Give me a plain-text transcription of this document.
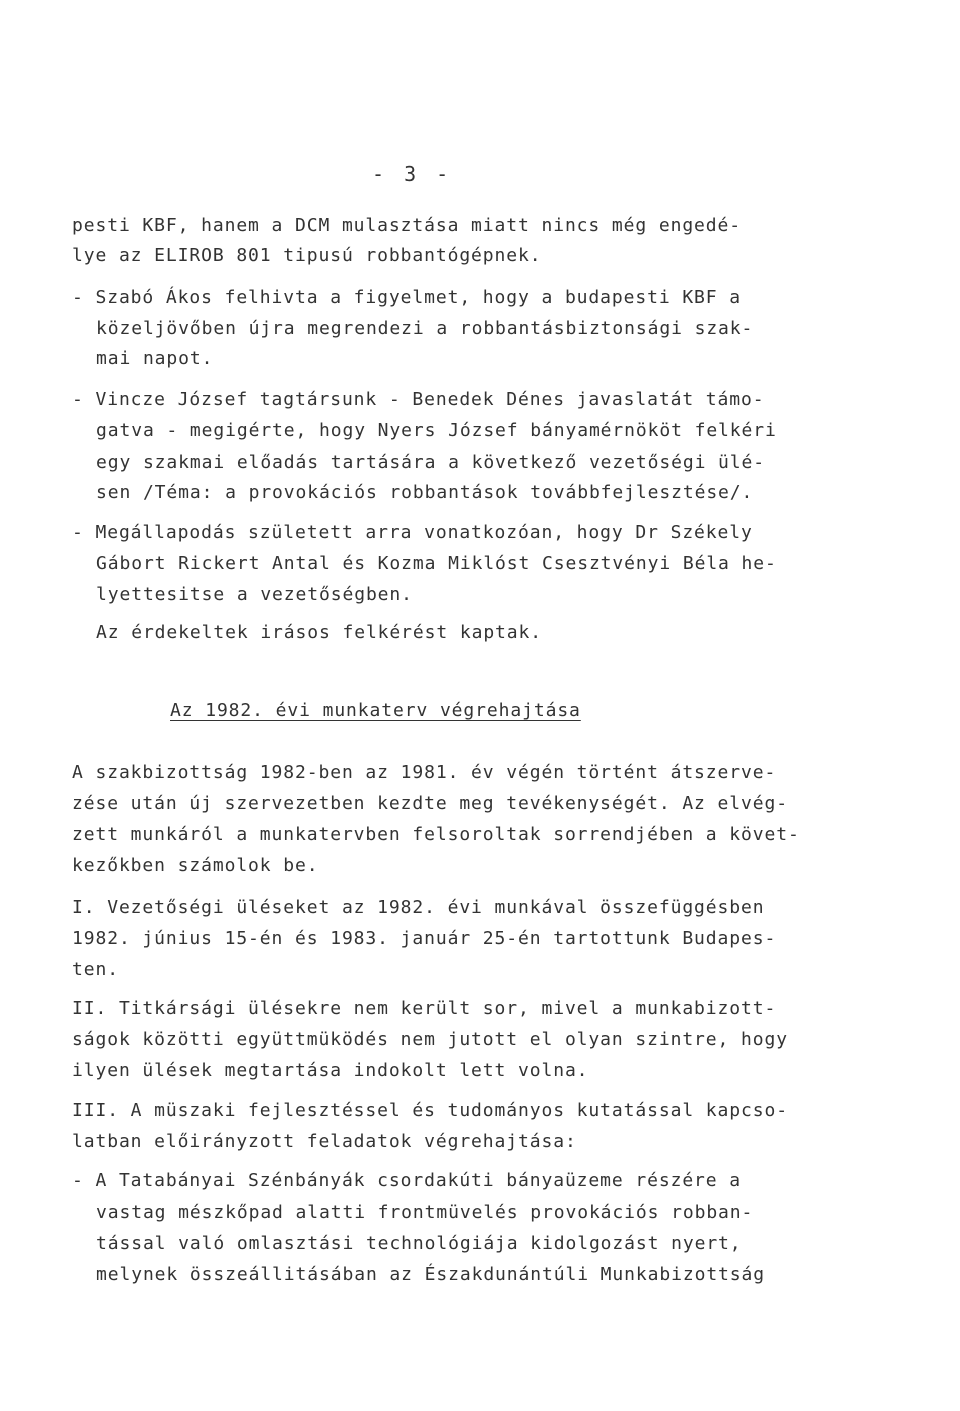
- 3 -
pesti KBF, hanem a DCM mulasztása miatt nincs még engedé-
lye az ELIROB 801 tipusú robbantógépnek.
- Szabó Ákos felhivta a figyelmet, hogy a budapesti KBF a
közeljövőben újra megrendezi a robbantásbiztonsági szak-
mai napot.
- Vincze József tagtársunk - Benedek Dénes javaslatát támo-
gatva - megigérte, hogy Nyers József bányamérnököt felkéri
egy szakmai előadás tartására a következő vezetőségi ülé-
sen /Téma: a provokációs robbantások továbbfejlesztése/.
- Megállapodás született arra vonatkozóan, hogy Dr Székely
Gábort Rickert Antal és Kozma Miklóst Csesztvényi Béla he-
lyettesitse a vezetőségben.
Az érdekeltek irásos felkérést kaptak.
Az 1982. évi munkaterv végrehajtása
A szakbizottság 1982-ben az 1981. év végén történt átszerve-
zése után új szervezetben kezdte meg tevékenységét. Az elvég-
zett munkáról a munkatervben felsoroltak sorrendjében a követ-
kezőkben számolok be.
I. Vezetőségi üléseket az 1982. évi munkával összefüggésben
1982. június 15-én és 1983. január 25-én tartottunk Budapes-
ten.
II. Titkársági ülésekre nem került sor, mivel a munkabizott-
ságok közötti együttmüködés nem jutott el olyan szintre, hogy
ilyen ülések megtartása indokolt lett volna.
III. A müszaki fejlesztéssel és tudományos kutatással kapcso-
latban előirányzott feladatok végrehajtása:
- A Tatabányai Szénbányák csordakúti bányaüzeme részére a
vastag mészkőpad alatti frontmüvelés provokációs robban-
tással való omlasztási technológiája kidolgozást nyert,
melynek összeállitásában az Északdunántúli Munkabizottság
